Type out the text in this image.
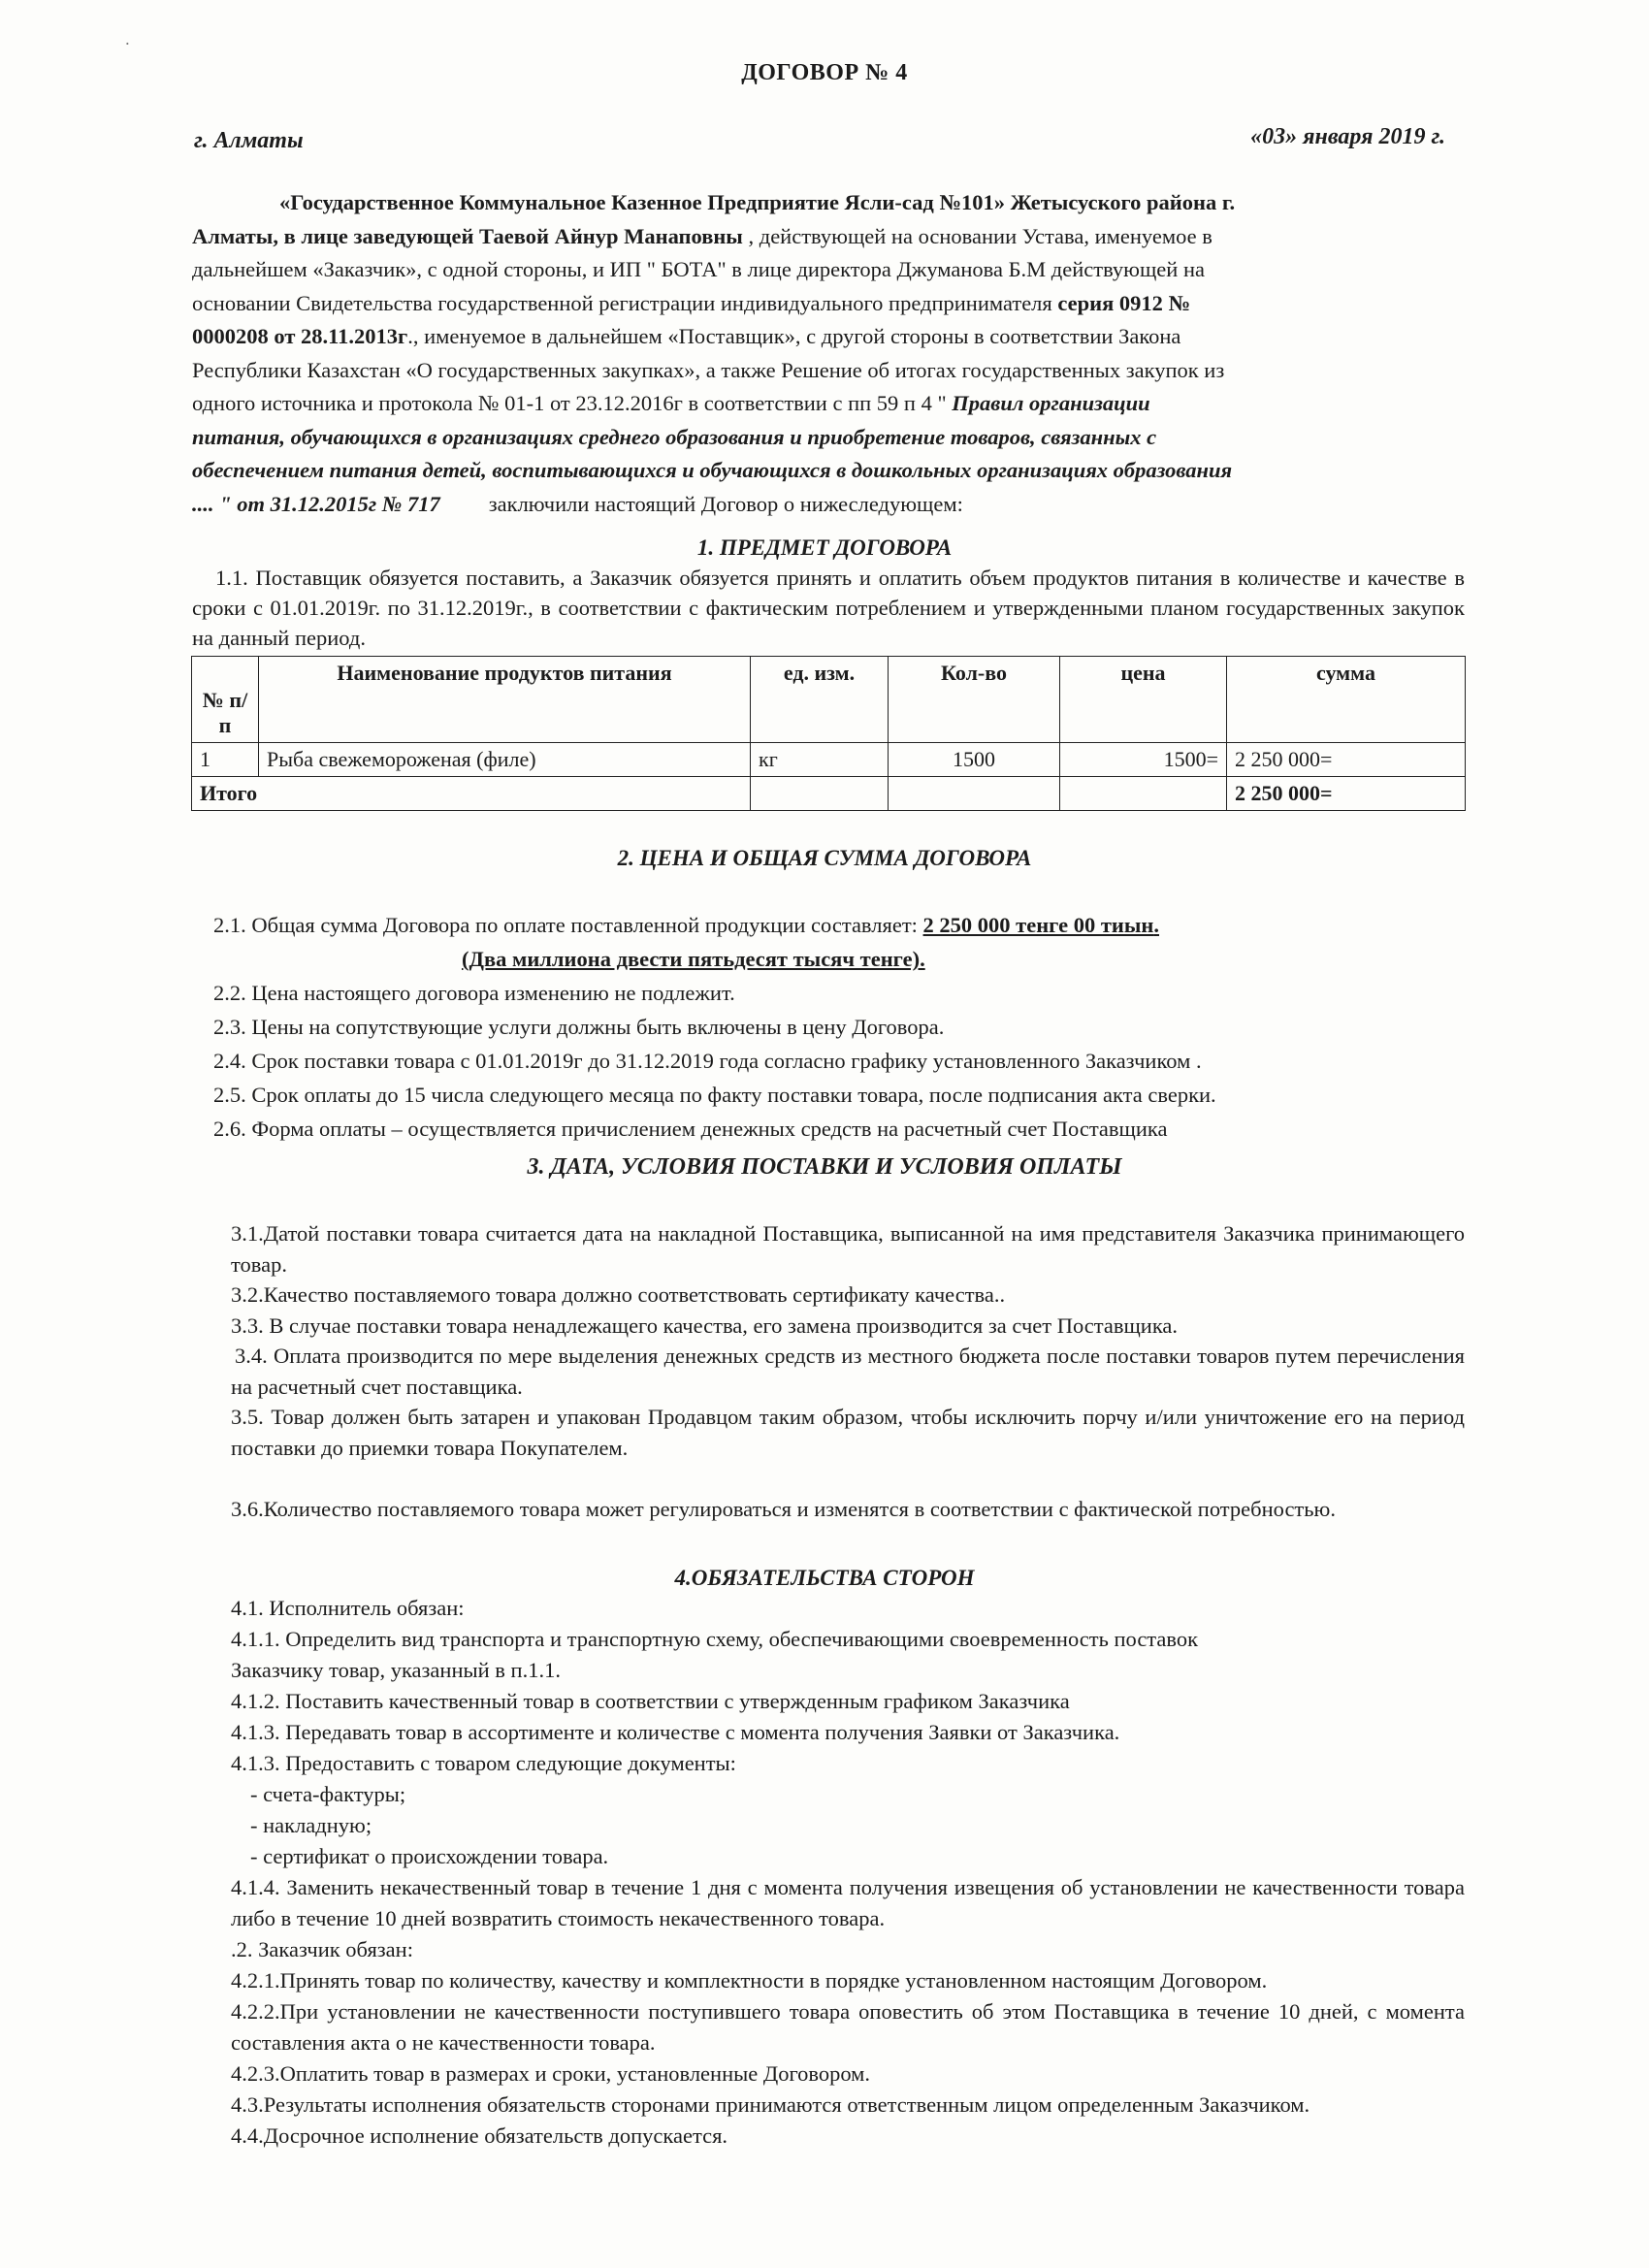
˙
ДОГОВОР № 4
г. Алматы	«03» января 2019 г.

«Государственное Коммунальное Казенное Предприятие Ясли-сад №101» Жетысуского района г.

Алматы, в лице заведующей Таевой Айнур Манаповны , действующей на основании Устава, именуемое в

дальнейшем «Заказчик», с одной стороны, и ИП " БОТА" в лице директора Джуманова Б.М действующей на

основании Свидетельства государственной регистрации индивидуального предпринимателя серия 0912 №

0000208 от 28.11.2013г., именуемое в дальнейшем «Поставщик», с другой стороны в соответствии Закона

Республики Казахстан «О государственных закупках», а также Решение об итогах государственных закупок из

одного источника и протокола № 01-1 от 23.12.2016г в соответствии с пп 59 п 4 " Правил организации

питания, обучающихся в организациях среднего образования и приобретение товаров, связанных с

обеспечением питания детей, воспитывающихся и обучающихся в дошкольных организациях образования

.... " от 31.12.2015г № 717 заключили настоящий Договор о нижеследующем:

1. ПРЕДМЕТ ДОГОВОРА
1.1. Поставщик обязуется поставить, а Заказчик обязуется принять и оплатить объем продуктов питания в количестве и качестве в сроки с 01.01.2019г. по 31.12.2019г., в соответствии с фактическим потреблением и утвержденными планом государственных закупок на данный период.
№ п/п	Наименование продуктов питания	ед. изм.	Кол-во	цена	сумма
1	Рыба свежемороженая (филе)	кг	1500	1500=	2 250 000=
Итого					2 250 000=
2. ЦЕНА И ОБЩАЯ СУММА ДОГОВОРА

2.1. Общая сумма Договора по оплате поставленной продукции составляет: 2 250 000 тенге 00 тиын.

(Два миллиона двести пятьдесят тысяч тенге).

2.2. Цена настоящего договора изменению не подлежит.

2.3. Цены на сопутствующие услуги должны быть включены в цену Договора.

2.4. Срок поставки товара с 01.01.2019г до 31.12.2019 года согласно графику установленного Заказчиком .

2.5. Срок оплаты до 15 числа следующего месяца по факту поставки товара, после подписания акта сверки.

2.6. Форма оплаты – осуществляется причислением денежных средств на расчетный счет Поставщика

3. ДАТА, УСЛОВИЯ ПОСТАВКИ И УСЛОВИЯ ОПЛАТЫ

3.1.Датой поставки товара считается дата на накладной Поставщика, выписанной на имя представителя Заказчика принимающего товар.

3.2.Качество поставляемого товара должно соответствовать сертификату качества..

3.3. В случае поставки товара ненадлежащего качества, его замена производится за счет Поставщика.

3.4. Оплата производится по мере выделения денежных средств из местного бюджета после поставки товаров путем перечисления на расчетный счет поставщика.

3.5. Товар должен быть затарен и упакован Продавцом таким образом, чтобы исключить порчу и/или уничтожение его на период поставки до приемки товара Покупателем.

3.6.Количество поставляемого товара может регулироваться и изменятся в соответствии с фактической потребностью.

4.ОБЯЗАТЕЛЬСТВА СТОРОН

4.1. Исполнитель обязан:

4.1.1. Определить вид транспорта и транспортную схему, обеспечивающими своевременность поставок

Заказчику товар, указанный в п.1.1.

4.1.2. Поставить качественный товар в соответствии с утвержденным графиком Заказчика

4.1.3. Передавать товар в ассортименте и количестве с момента получения Заявки от Заказчика.

4.1.3. Предоставить с товаром следующие документы:

- счета-фактуры;

- накладную;

- сертификат о происхождении товара.

4.1.4. Заменить некачественный товар в течение 1 дня с момента получения извещения об установлении не качественности товара либо в течение 10 дней возвратить стоимость некачественного товара.

.2. Заказчик обязан:

4.2.1.Принять товар по количеству, качеству и комплектности в порядке установленном настоящим Договором.

4.2.2.При установлении не качественности поступившего товара оповестить об этом Поставщика в течение 10 дней, с момента составления акта о не качественности товара.

4.2.3.Оплатить товар в размерах и сроки, установленные Договором.

4.3.Результаты исполнения обязательств сторонами принимаются ответственным лицом определенным Заказчиком.

4.4.Досрочное исполнение обязательств допускается.
